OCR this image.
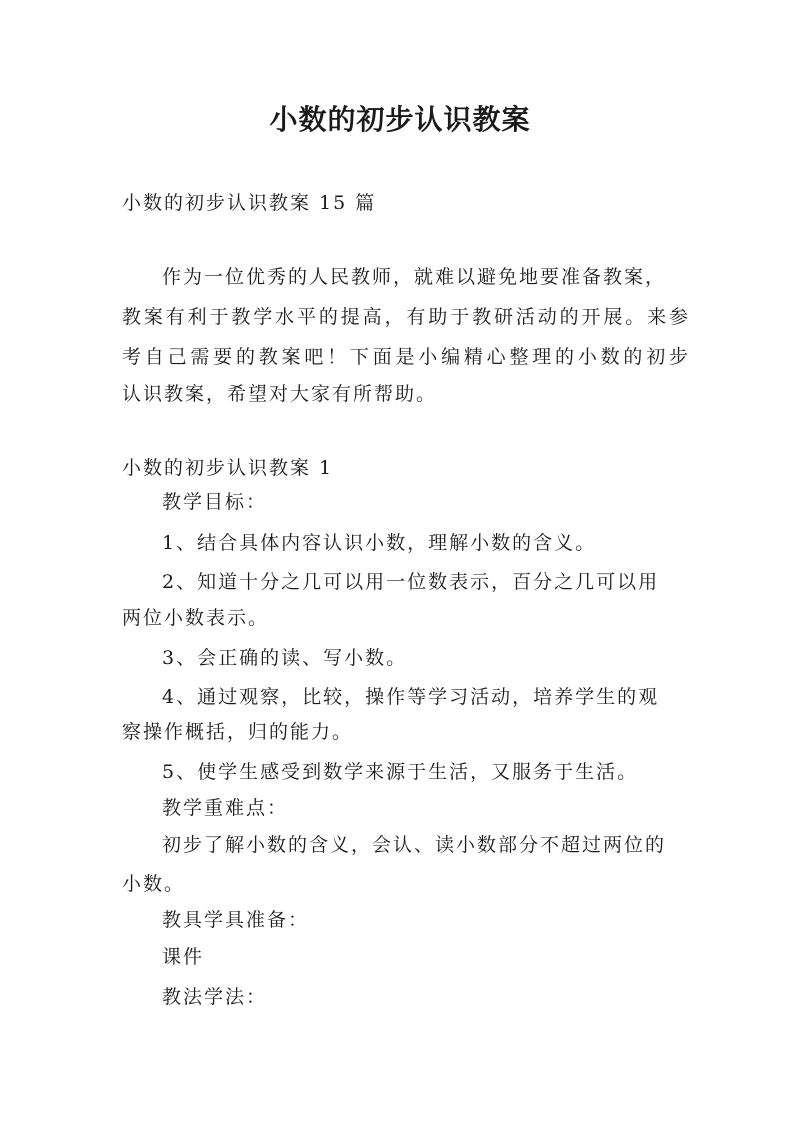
小数的初步认识教案
小数的初步认识教案 15 篇
作为一位优秀的人民教师，就难以避免地要准备教案，
教案有利于教学水平的提高，有助于教研活动的开展。来参
考自己需要的教案吧！下面是小编精心整理的小数的初步
认识教案，希望对大家有所帮助。
小数的初步认识教案 1
教学目标：
1、结合具体内容认识小数，理解小数的含义。
2、知道十分之几可以用一位数表示，百分之几可以用
两位小数表示。
3、会正确的读、写小数。
4、通过观察，比较，操作等学习活动，培养学生的观
察操作概括，归的能力。
5、使学生感受到数学来源于生活，又服务于生活。
教学重难点：
初步了解小数的含义，会认、读小数部分不超过两位的
小数。
教具学具准备：
课件
教法学法：
